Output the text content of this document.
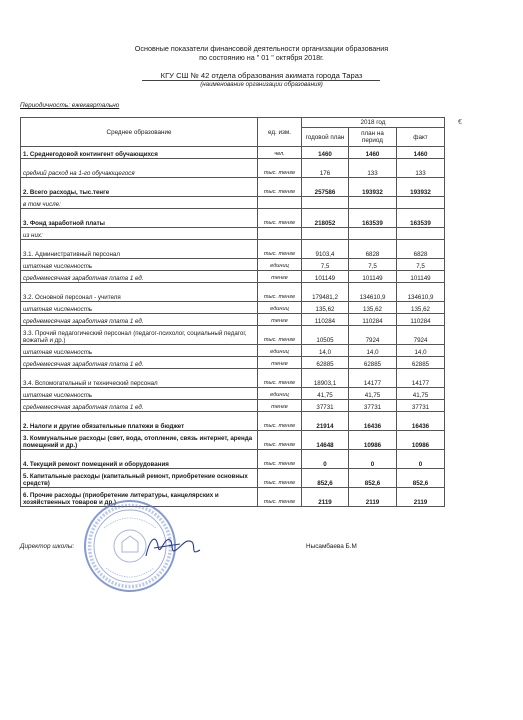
Основные показатели финансовой деятельности организации образования
по состоянию на " 01 " октября 2018г.
КГУ СШ № 42 отдела образования акимата города Тараз
(наименование организации образования)
Периодичность: ежеквартально
€
Среднее образование	ед. изм.	2018 год		
		годовой план	план на период	факт
1. Среднегодовой контингент обучающихся	чел.	1460	1460	1460
средний расход на 1-го обучающегося	тыс. тенге	176	133	133
2. Всего расходы, тыс.тенге	тыс. тенге	257586	193932	193932
в том числе:				
3. Фонд заработной платы	тыс. тенге	218052	163539	163539
из них:				
3.1. Административный персонал	тыс. тенге	9103,4	6828	6828
штатная численность	единиц	7,5	7,5	7,5
среднемесячная заработная плата 1 ед.	тенге	101149	101149	101149
3.2. Основной персонал - учителя	тыс. тенге	179481,2	134610,9	134610,9
штатная численность	единиц	135,62	135,62	135,62
среднемесячная заработная плата 1 ед.	тенге	110284	110284	110284
3.3. Прочий педагогический персонал (педагог-психолог, социальный педагог, вожатый и др.)	тыс. тенге	10505	7924	7924
штатная численность	единиц	14,0	14,0	14,0
среднемесячная заработная плата 1 ед.	тенге	62885	62885	62885
3.4. Вспомогательный и технический персонал	тыс. тенге	18903,1	14177	14177
штатная численность	единиц	41,75	41,75	41,75
среднемесячная заработная плата 1 ед.	тенге	37731	37731	37731
2. Налоги и другие обязательные платежи в бюджет	тыс. тенге	21914	16436	16436
3. Коммунальные расходы (свет, вода, отопление, связь интернет, аренда помещений и др.)	тыс. тенге	14648	10986	10986
4. Текущий ремонт помещений и оборудования	тыс. тенге	0	0	0
5. Капитальные расходы (капитальный ремонт, приобретение основных средств)	тыс. тенге	852,6	852,6	852,6
6. Прочие расходы (приобретение литературы, канцелярских и хозяйственных товаров и др.)	тыс. тенге	2119	2119	2119
Директор школы:	Нысамбаева Б.М
